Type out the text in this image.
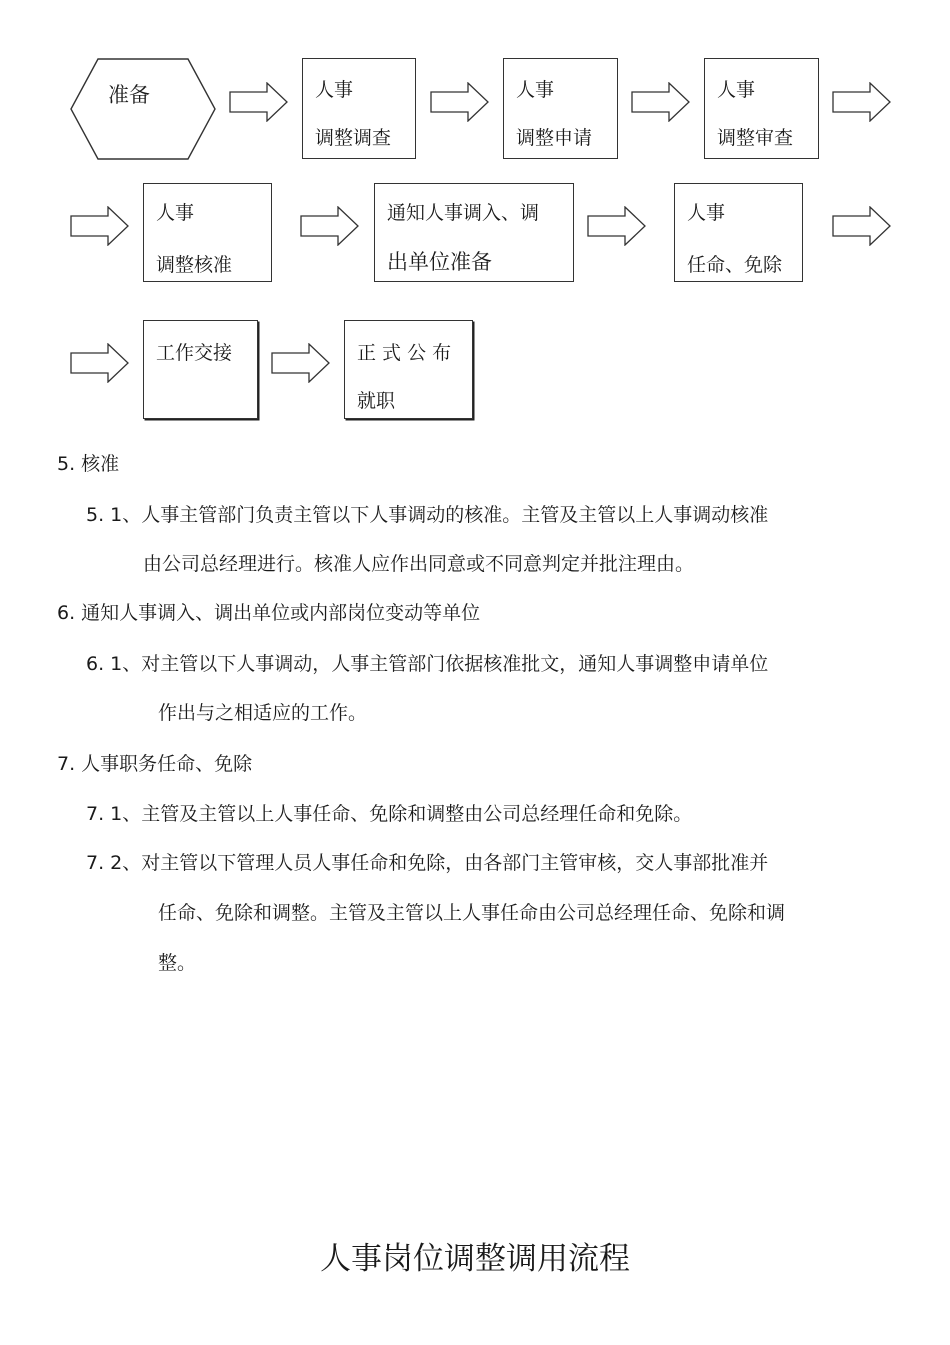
准备	人事
调整调查
人事
调整申请
人事
调整审查
人事
调整核准
通知人事调入、调
出单位准备
人事
任命、免除
工作交接	正 式 公 布
就职
5. 核准
5. 1、人事主管部门负责主管以下人事调动的核准。主管及主管以上人事调动核准
由公司总经理进行。核准人应作出同意或不同意判定并批注理由。
6. 通知人事调入、调出单位或内部岗位变动等单位
6. 1、对主管以下人事调动，人事主管部门依据核准批文，通知人事调整申请单位
作出与之相适应的工作。
7. 人事职务任命、免除
7. 1、主管及主管以上人事任命、免除和调整由公司总经理任命和免除。
7. 2、对主管以下管理人员人事任命和免除，由各部门主管审核，交人事部批准并
任命、免除和调整。主管及主管以上人事任命由公司总经理任命、免除和调
整。
人事岗位调整调用流程
